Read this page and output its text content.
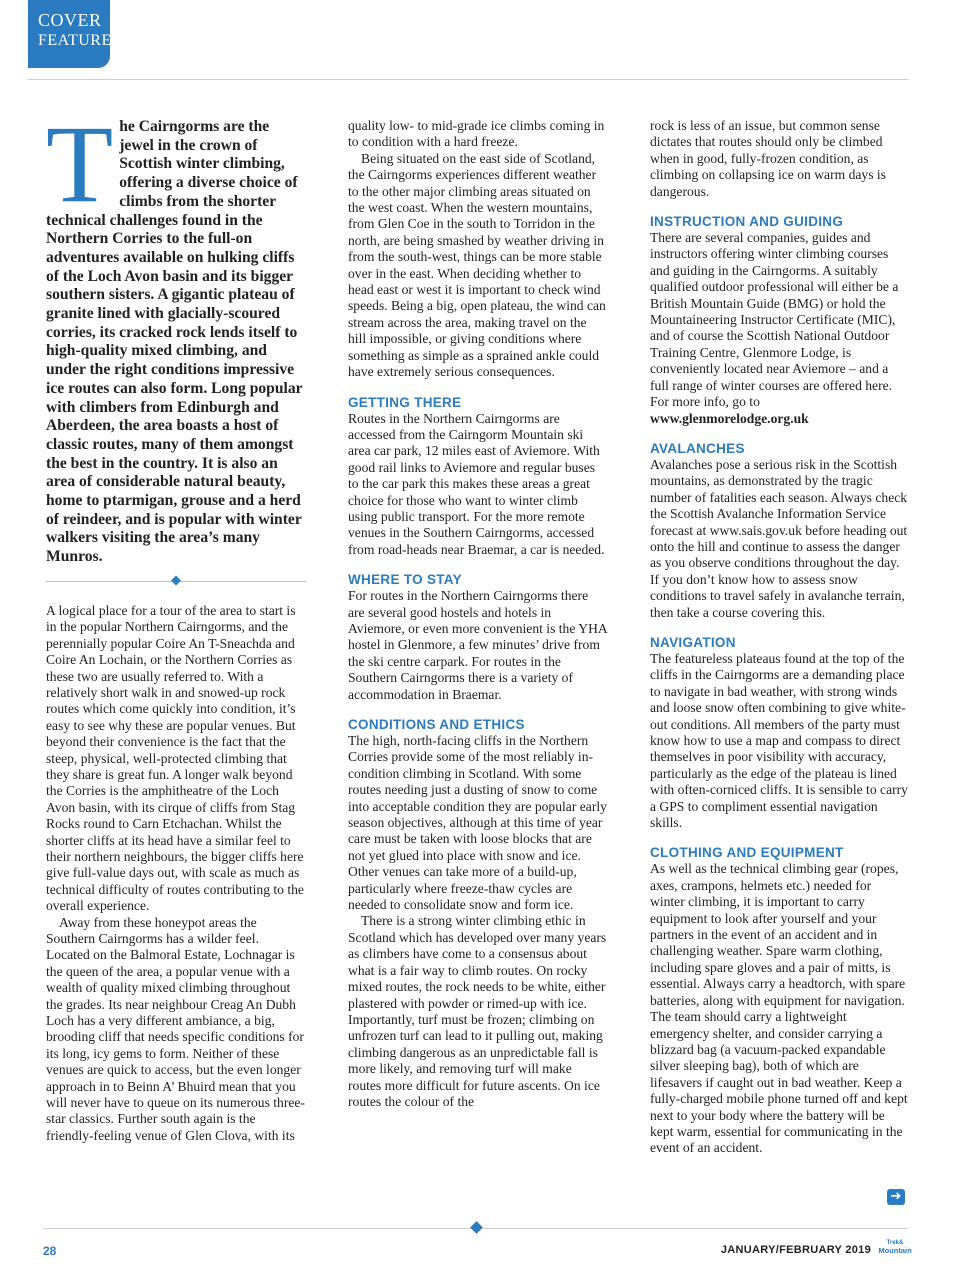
COVER
FEATURE
The Cairngorms are the jewel in the crown of Scottish winter climbing, offering a diverse choice of climbs from the shorter technical challenges found in the Northern Corries to the full-on adventures available on hulking cliffs of the Loch Avon basin and its bigger southern sisters. A gigantic plateau of granite lined with glacially-scoured corries, its cracked rock lends itself to high-quality mixed climbing, and under the right conditions impressive ice routes can also form. Long popular with climbers from Edinburgh and Aberdeen, the area boasts a host of classic routes, many of them amongst the best in the country. It is also an area of considerable natural beauty, home to ptarmigan, grouse and a herd of reindeer, and is popular with winter walkers visiting the area’s many Munros.

A logical place for a tour of the area to start is in the popular Northern Cairngorms, and the perennially popular Coire An T-Sneachda and Coire An Lochain, or the Northern Corries as these two are usually referred to. With a relatively short walk in and snowed-up rock routes which come quickly into condition, it’s easy to see why these are popular venues. But beyond their convenience is the fact that the steep, physical, well-protected climbing that they share is great fun. A longer walk beyond the Corries is the amphitheatre of the Loch Avon basin, with its cirque of cliffs from Stag Rocks round to Carn Etchachan. Whilst the shorter cliffs at its head have a similar feel to their northern neighbours, the bigger cliffs here give full-value days out, with scale as much as technical difficulty of routes contributing to the overall experience.

Away from these honeypot areas the Southern Cairngorms has a wilder feel. Located on the Balmoral Estate, Lochnagar is the queen of the area, a popular venue with a wealth of quality mixed climbing throughout the grades. Its near neighbour Creag An Dubh Loch has a very different ambiance, a big, brooding cliff that needs specific conditions for its long, icy gems to form. Neither of these venues are quick to access, but the even longer approach in to Beinn A’ Bhuird mean that you will never have to queue on its numerous three-star classics. Further south again is the friendly-feeling venue of Glen Clova, with its

quality low- to mid-grade ice climbs coming in to condition with a hard freeze.

Being situated on the east side of Scotland, the Cairngorms experiences different weather to the other major climbing areas situated on the west coast. When the western mountains, from Glen Coe in the south to Torridon in the north, are being smashed by weather driving in from the south-west, things can be more stable over in the east. When deciding whether to head east or west it is important to check wind speeds. Being a big, open plateau, the wind can stream across the area, making travel on the hill impossible, or giving conditions where something as simple as a sprained ankle could have extremely serious consequences.

GETTING THERE

Routes in the Northern Cairngorms are accessed from the Cairngorm Mountain ski area car park, 12 miles east of Aviemore. With good rail links to Aviemore and regular buses to the car park this makes these areas a great choice for those who want to winter climb using public transport. For the more remote venues in the Southern Cairngorms, accessed from road-heads near Braemar, a car is needed.

WHERE TO STAY

For routes in the Northern Cairngorms there are several good hostels and hotels in Aviemore, or even more convenient is the YHA hostel in Glenmore, a few minutes’ drive from the ski centre carpark. For routes in the Southern Cairngorms there is a variety of accommodation in Braemar.

CONDITIONS AND ETHICS

The high, north-facing cliffs in the Northern Corries provide some of the most reliably in-condition climbing in Scotland. With some routes needing just a dusting of snow to come into acceptable condition they are popular early season objectives, although at this time of year care must be taken with loose blocks that are not yet glued into place with snow and ice. Other venues can take more of a build-up, particularly where freeze-thaw cycles are needed to consolidate snow and form ice.

There is a strong winter climbing ethic in Scotland which has developed over many years as climbers have come to a consensus about what is a fair way to climb routes. On rocky mixed routes, the rock needs to be white, either plastered with powder or rimed-up with ice. Importantly, turf must be frozen; climbing on unfrozen turf can lead to it pulling out, making climbing dangerous as an unpredictable fall is more likely, and removing turf will make routes more difficult for future ascents. On ice routes the colour of the

rock is less of an issue, but common sense dictates that routes should only be climbed when in good, fully-frozen condition, as climbing on collapsing ice on warm days is dangerous.

INSTRUCTION AND GUIDING

There are several companies, guides and instructors offering winter climbing courses and guiding in the Cairngorms. A suitably qualified outdoor professional will either be a British Mountain Guide (BMG) or hold the Mountaineering Instructor Certificate (MIC), and of course the Scottish National Outdoor Training Centre, Glenmore Lodge, is conveniently located near Aviemore – and a full range of winter courses are offered here. For more info, go to www.glenmorelodge.org.uk

AVALANCHES

Avalanches pose a serious risk in the Scottish mountains, as demonstrated by the tragic number of fatalities each season. Always check the Scottish Avalanche Information Service forecast at www.sais.gov.uk before heading out onto the hill and continue to assess the danger as you observe conditions throughout the day. If you don’t know how to assess snow conditions to travel safely in avalanche terrain, then take a course covering this.

NAVIGATION

The featureless plateaus found at the top of the cliffs in the Cairngorms are a demanding place to navigate in bad weather, with strong winds and loose snow often combining to give white-out conditions. All members of the party must know how to use a map and compass to direct themselves in poor visibility with accuracy, particularly as the edge of the plateau is lined with often-corniced cliffs. It is sensible to carry a GPS to compliment essential navigation skills.

CLOTHING AND EQUIPMENT

As well as the technical climbing gear (ropes, axes, crampons, helmets etc.) needed for winter climbing, it is important to carry equipment to look after yourself and your partners in the event of an accident and in challenging weather. Spare warm clothing, including spare gloves and a pair of mitts, is essential. Always carry a headtorch, with spare batteries, along with equipment for navigation. The team should carry a lightweight emergency shelter, and consider carrying a blizzard bag (a vacuum-packed expandable silver sleeping bag), both of which are lifesavers if caught out in bad weather. Keep a fully-charged mobile phone turned off and kept next to your body where the battery will be kept warm, essential for communicating in the event of an accident.

➔
28	JANUARY/FEBRUARY 2019
Trek&
Mountain
